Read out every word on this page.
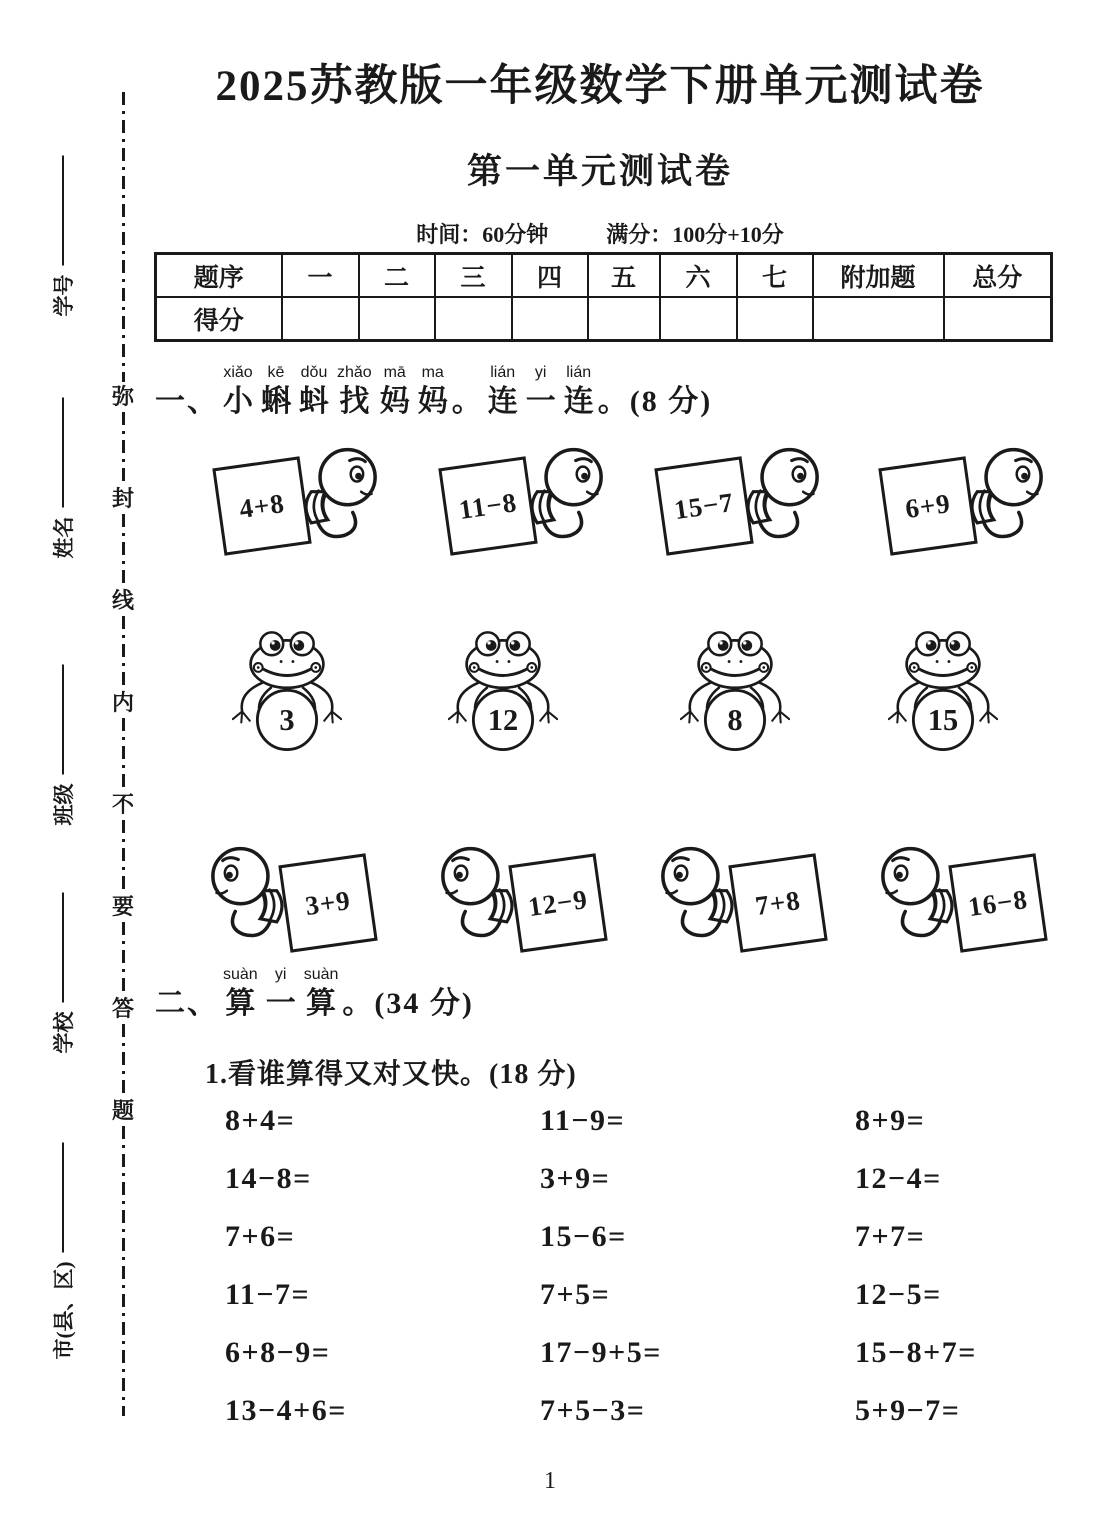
学号
姓名
班级
学校
市(县、区)
弥
封
线
内
不
要
答
题
2025苏教版一年级数学下册单元测试卷
第一单元测试卷
时间：60分钟	满分：100分+10分
题序	一	二	三	四	五	六	七	附加题	总分
得分									
一、 小xiǎo
蝌kē
蚪dǒu
找zhǎo
妈mā
妈ma
。 连lián
一yi
连lián
。(8 分)
4+8	11−8	15−7	6+9
3	12	8	15
3+9	12−9	7+8	16−8
二、 算suàn
一yi
算suàn
。(34 分)
1.看谁算得又对又快。(18 分)
8+4=	11−9=	8+9=
14−8=	3+9=	12−4=
7+6=	15−6=	7+7=
11−7=	7+5=	12−5=
6+8−9=	17−9+5=	15−8+7=
13−4+6=	7+5−3=	5+9−7=
1
